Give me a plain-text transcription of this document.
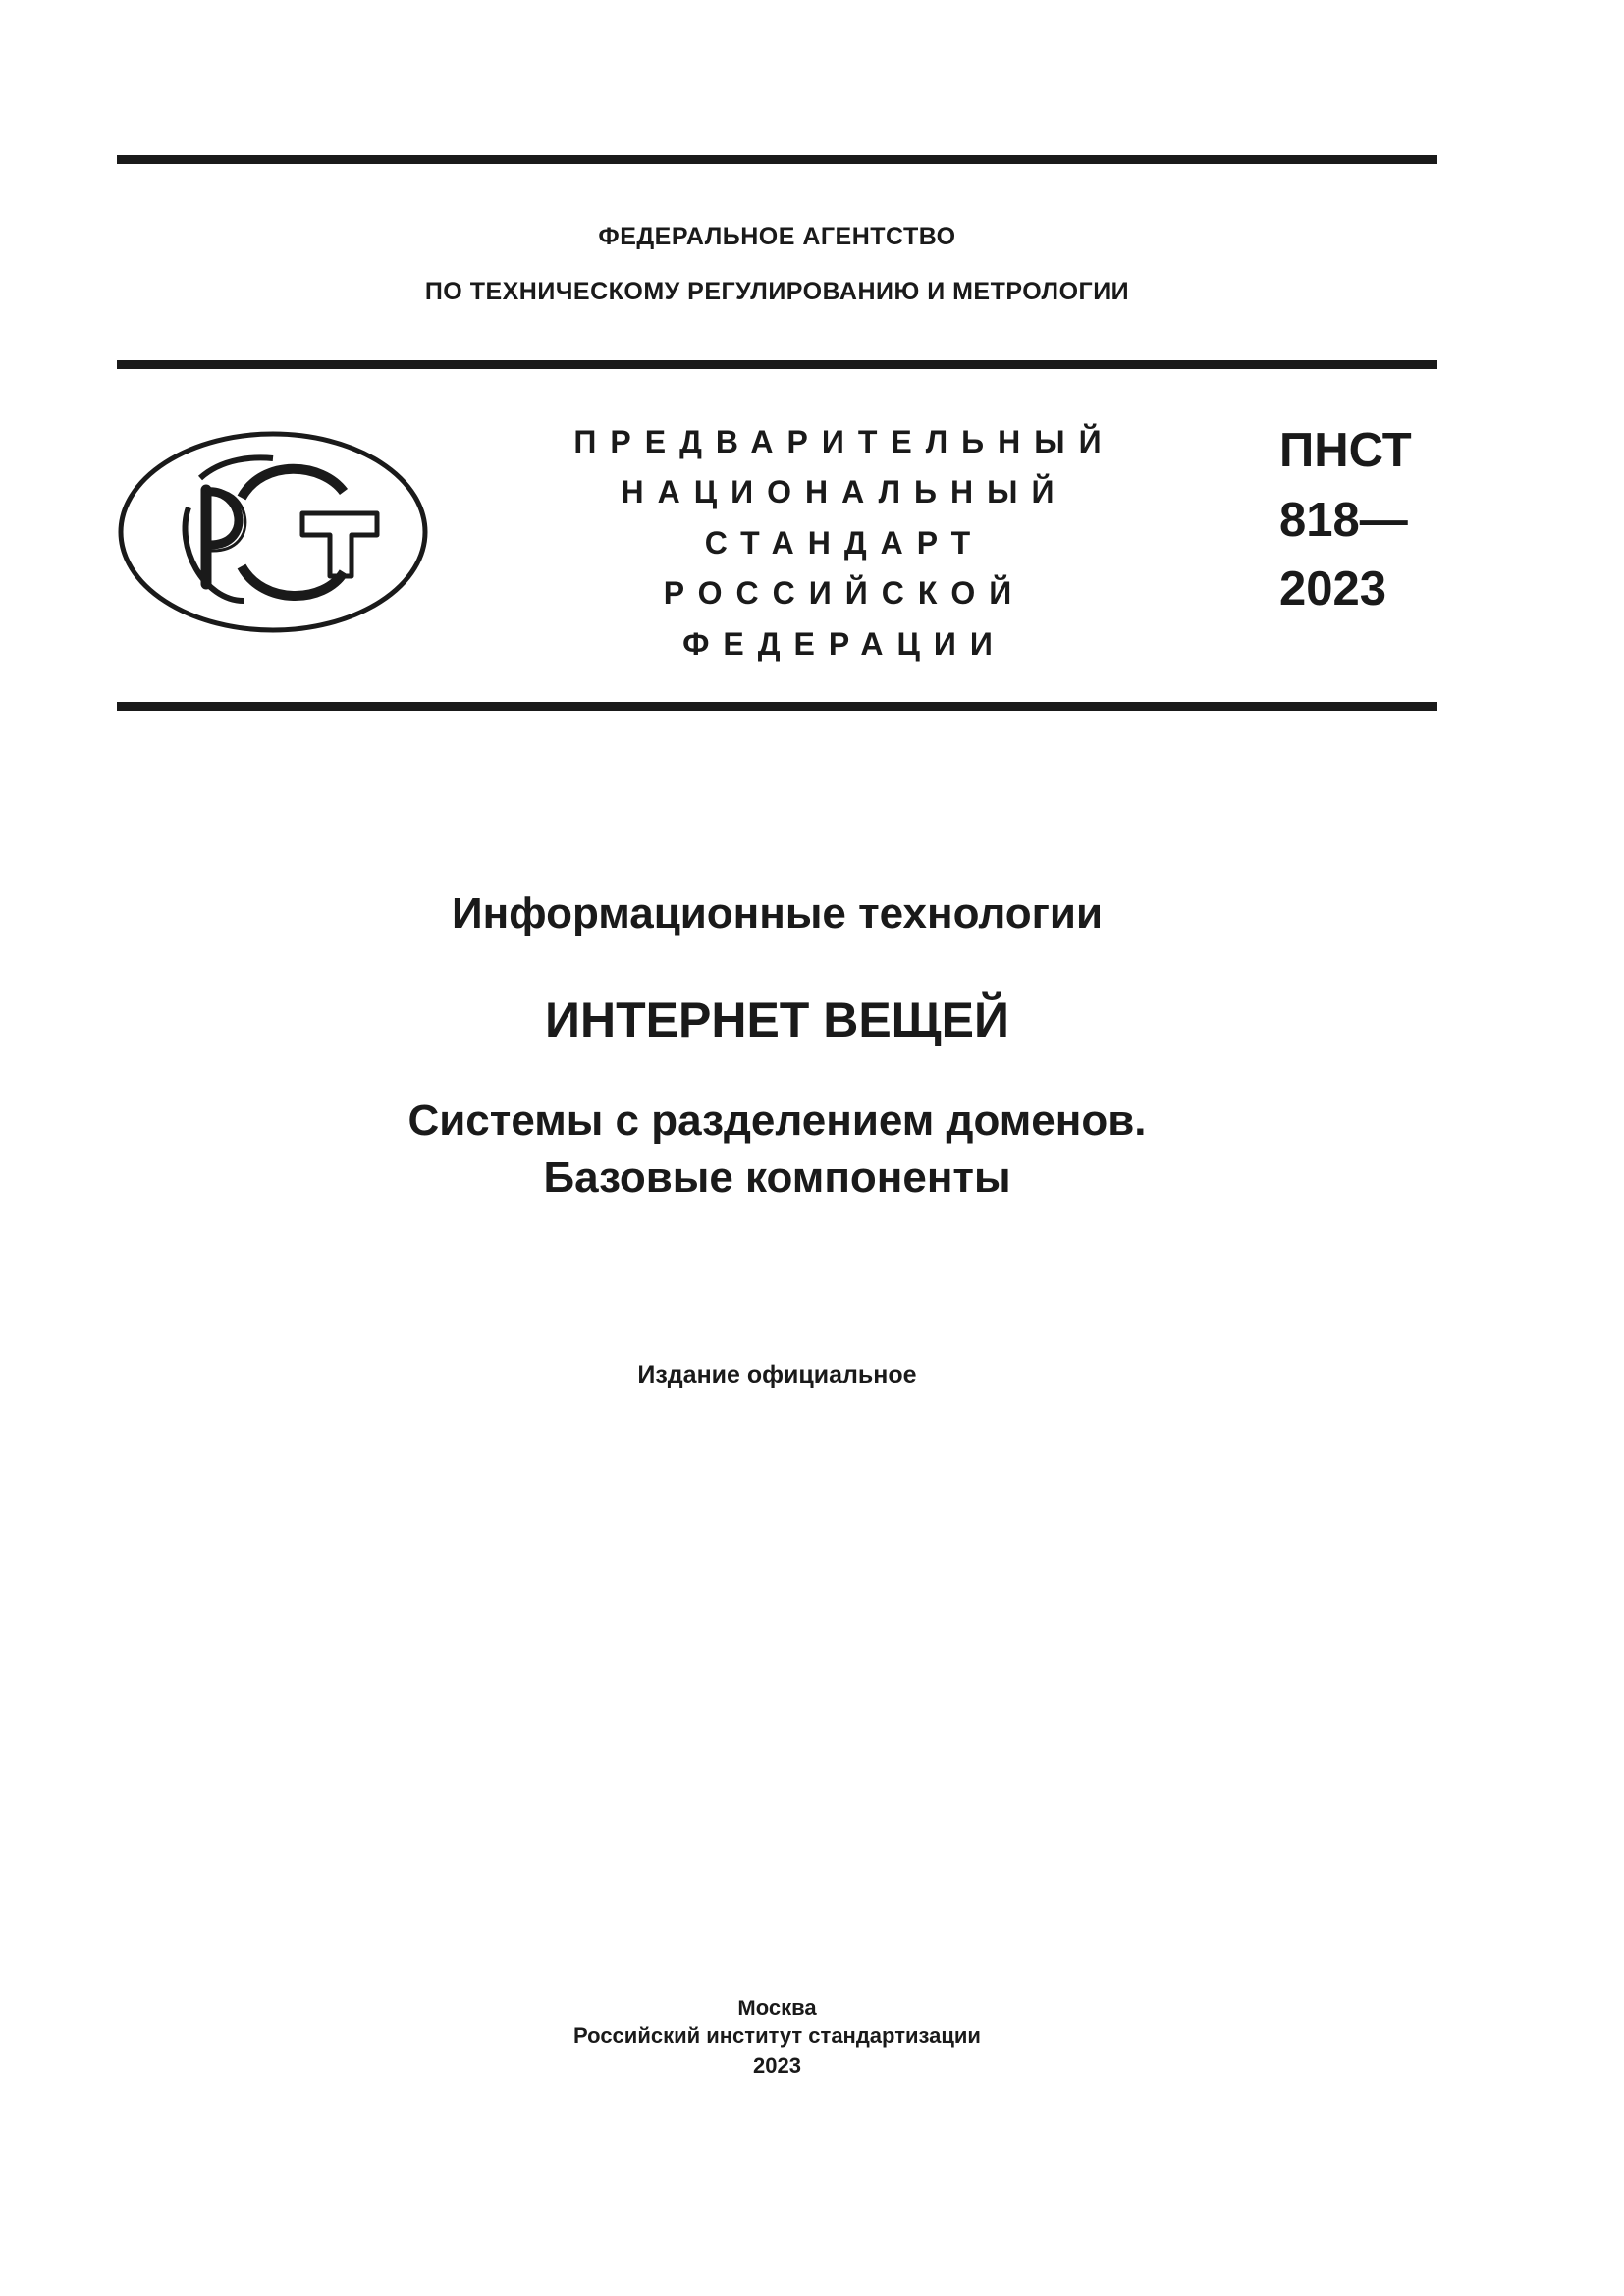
ФЕДЕРАЛЬНОЕ АГЕНТСТВО
ПО ТЕХНИЧЕСКОМУ РЕГУЛИРОВАНИЮ И МЕТРОЛОГИИ
ПРЕДВАРИТЕЛЬНЫЙ
НАЦИОНАЛЬНЫЙ
СТАНДАРТ
РОССИЙСКОЙ
ФЕДЕРАЦИИ
ПНСТ
818—
2023
Информационные технологии
ИНТЕРНЕТ ВЕЩЕЙ
Системы с разделением доменов.
Базовые компоненты
Издание официальное
Москва
Российский институт стандартизации
2023
